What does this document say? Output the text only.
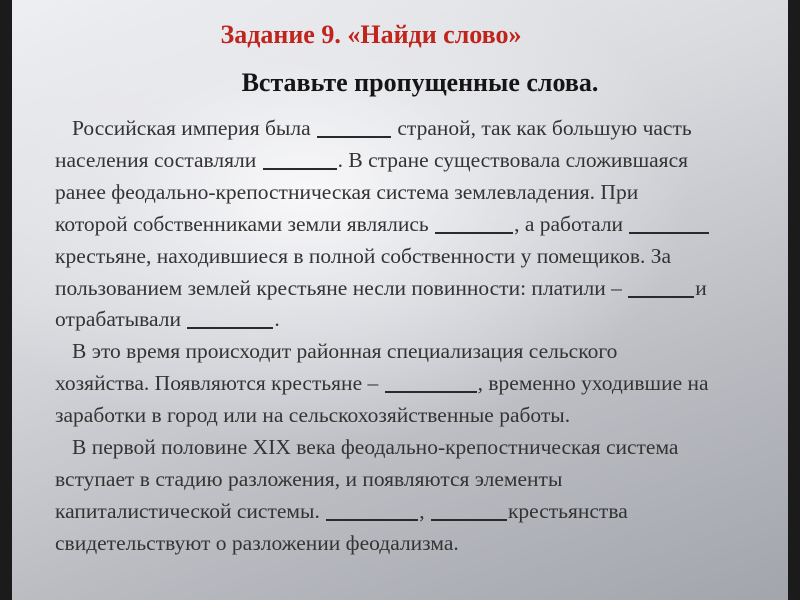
Задание 9. «Найди слово»
Вставьте пропущенные слова.
Российская империя была	страной, так как большую часть
населения составляли	. В стране существовала сложившаяся
ранее феодально-крепостническая система землевладения. При
которой собственниками земли являлись	, а работали
крестьяне, находившиеся в полной собственности у помещиков. За
пользованием землей крестьяне несли повинности: платили –	и
отрабатывали	.
В это время происходит районная специализация сельского
хозяйства. Появляются крестьяне –	, временно уходившие на
заработки в город или на сельскохозяйственные работы.
В первой половине XIX века феодально-крепостническая система
вступает в стадию разложения, и появляются элементы
капиталистической системы.	,	крестьянства
свидетельствуют о разложении феодализма.
